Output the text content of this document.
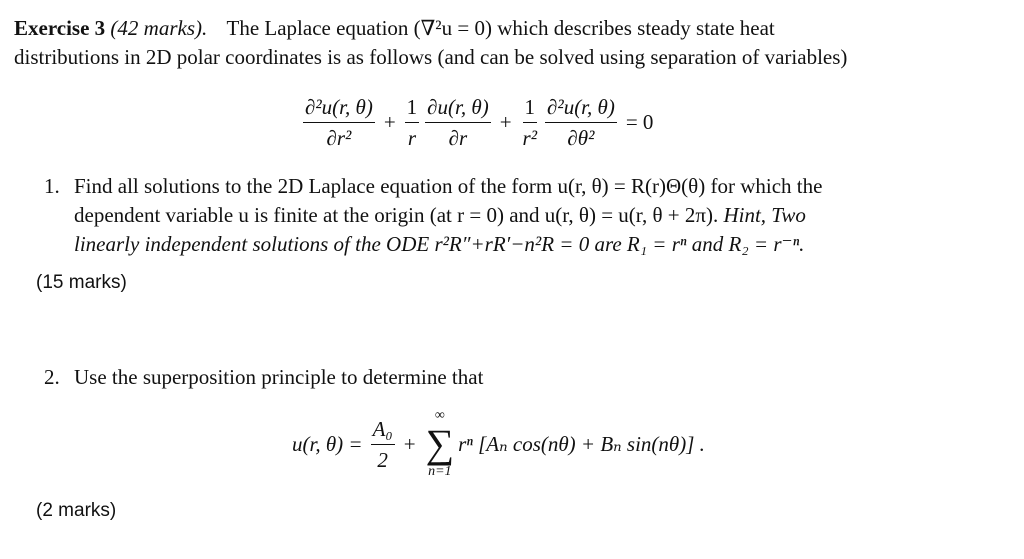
Exercise 3 (42 marks). The Laplace equation (∇²u = 0) which describes steady state heat
distributions in 2D polar coordinates is as follows (and can be solved using separation of variables)
$\frac{\text{∂²u(r, θ)}}{\text{∂r²}} + \frac{1}{r} \frac{\partial u(r, \theta)}{\partial r} + \frac{1}{\text{r²}} \frac{\text{∂²u(r, θ)}}{\text{∂θ²}} = 0$
1. Find all solutions to the 2D Laplace equation of the form u(r, θ) = R(r)Θ(θ) for which the
dependent variable u is finite at the origin (at r = 0) and u(r, θ) = u(r, θ + 2π). Hint, Two
linearly independent solutions of the ODE r²R″+rR′−n²R = 0 are R₁ = rⁿ and R₂ = r⁻ⁿ.
(15 marks)
2. Use the superposition principle to determine that
u(r, $\theta) = \frac{\text{A₀}}{2}$ +
∞
∑
n=1
rⁿ [Aₙ cos(nθ) + Bₙ sin(nθ)] .
(2 marks)
